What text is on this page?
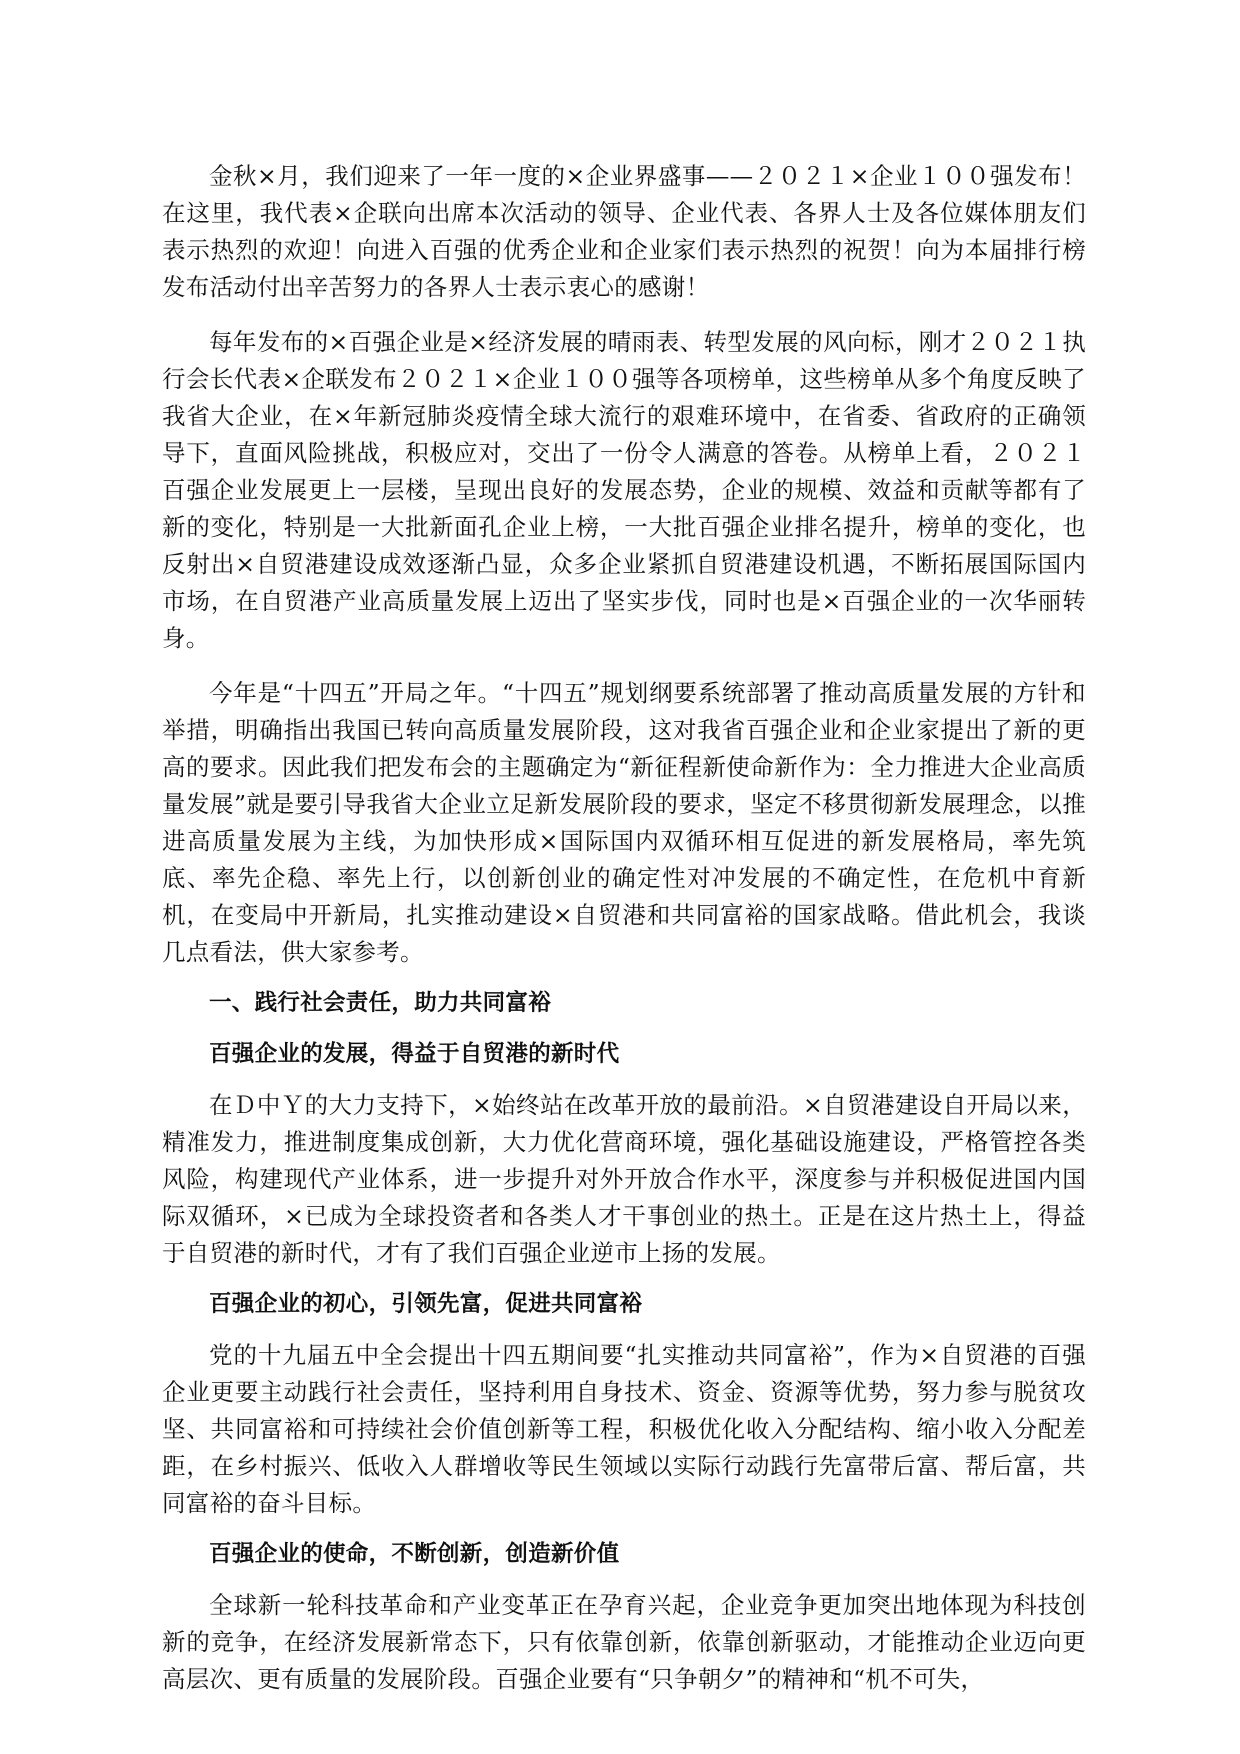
金秋×月，我们迎来了一年一度的×企业界盛事——２０２１×企业１００强发布！在这里，我代表×企联向出席本次活动的领导、企业代表、各界人士及各位媒体朋友们表示热烈的欢迎！向进入百强的优秀企业和企业家们表示热烈的祝贺！向为本届排行榜发布活动付出辛苦努力的各界人士表示衷心的感谢！

每年发布的×百强企业是×经济发展的晴雨表、转型发展的风向标，刚才２０２１执行会长代表×企联发布２０２１×企业１００强等各项榜单，这些榜单从多个角度反映了我省大企业，在×年新冠肺炎疫情全球大流行的艰难环境中，在省委、省政府的正确领导下，直面风险挑战，积极应对，交出了一份令人满意的答卷。从榜单上看，２０２１百强企业发展更上一层楼，呈现出良好的发展态势，企业的规模、效益和贡献等都有了新的变化，特别是一大批新面孔企业上榜，一大批百强企业排名提升，榜单的变化，也反射出×自贸港建设成效逐渐凸显，众多企业紧抓自贸港建设机遇，不断拓展国际国内市场，在自贸港产业高质量发展上迈出了坚实步伐，同时也是×百强企业的一次华丽转身。

今年是“十四五”开局之年。“十四五”规划纲要系统部署了推动高质量发展的方针和举措，明确指出我国已转向高质量发展阶段，这对我省百强企业和企业家提出了新的更高的要求。因此我们把发布会的主题确定为“新征程新使命新作为：全力推进大企业高质量发展”就是要引导我省大企业立足新发展阶段的要求，坚定不移贯彻新发展理念，以推进高质量发展为主线，为加快形成×国际国内双循环相互促进的新发展格局，率先筑底、率先企稳、率先上行，以创新创业的确定性对冲发展的不确定性，在危机中育新机，在变局中开新局，扎实推动建设×自贸港和共同富裕的国家战略。借此机会，我谈几点看法，供大家参考。

一、践行社会责任，助力共同富裕

百强企业的发展，得益于自贸港的新时代

在Ｄ中Ｙ的大力支持下，×始终站在改革开放的最前沿。×自贸港建设自开局以来，精准发力，推进制度集成创新，大力优化营商环境，强化基础设施建设，严格管控各类风险，构建现代产业体系，进一步提升对外开放合作水平，深度参与并积极促进国内国际双循环，×已成为全球投资者和各类人才干事创业的热土。正是在这片热土上，得益于自贸港的新时代，才有了我们百强企业逆市上扬的发展。

百强企业的初心，引领先富，促进共同富裕

党的十九届五中全会提出十四五期间要“扎实推动共同富裕”，作为×自贸港的百强企业更要主动践行社会责任，坚持利用自身技术、资金、资源等优势，努力参与脱贫攻坚、共同富裕和可持续社会价值创新等工程，积极优化收入分配结构、缩小收入分配差距，在乡村振兴、低收入人群增收等民生领域以实际行动践行先富带后富、帮后富，共同富裕的奋斗目标。

百强企业的使命，不断创新，创造新价值

全球新一轮科技革命和产业变革正在孕育兴起，企业竞争更加突出地体现为科技创新的竞争，在经济发展新常态下，只有依靠创新，依靠创新驱动，才能推动企业迈向更高层次、更有质量的发展阶段。百强企业要有“只争朝夕”的精神和“机不可失，
